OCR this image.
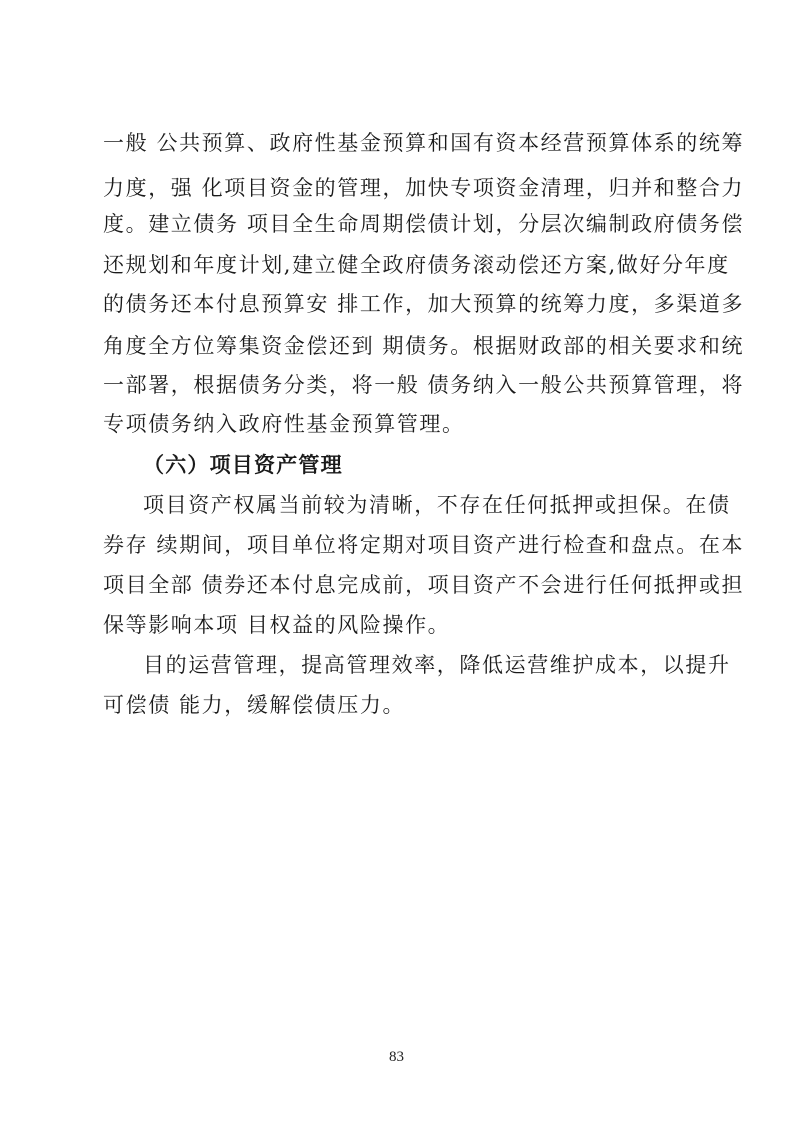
一般 公共预算、政府性基金预算和国有资本经营预算体系的统筹
力度，强 化项目资金的管理，加快专项资金清理，归并和整合力
度。建立债务 项目全生命周期偿债计划，分层次编制政府债务偿
还规划和年度计划,建立健全政府债务滚动偿还方案,做好分年度
的债务还本付息预算安 排工作，加大预算的统筹力度，多渠道多
角度全方位筹集资金偿还到 期债务。根据财政部的相关要求和统
一部署，根据债务分类，将一般 债务纳入一般公共预算管理，将
专项债务纳入政府性基金预算管理。
（六）项目资产管理
项目资产权属当前较为清晰，不存在任何抵押或担保。在债
券存 续期间，项目单位将定期对项目资产进行检查和盘点。在本
项目全部 债券还本付息完成前，项目资产不会进行任何抵押或担
保等影响本项 目权益的风险操作。
目的运营管理，提高管理效率，降低运营维护成本，以提升
可偿债 能力，缓解偿债压力。
83
